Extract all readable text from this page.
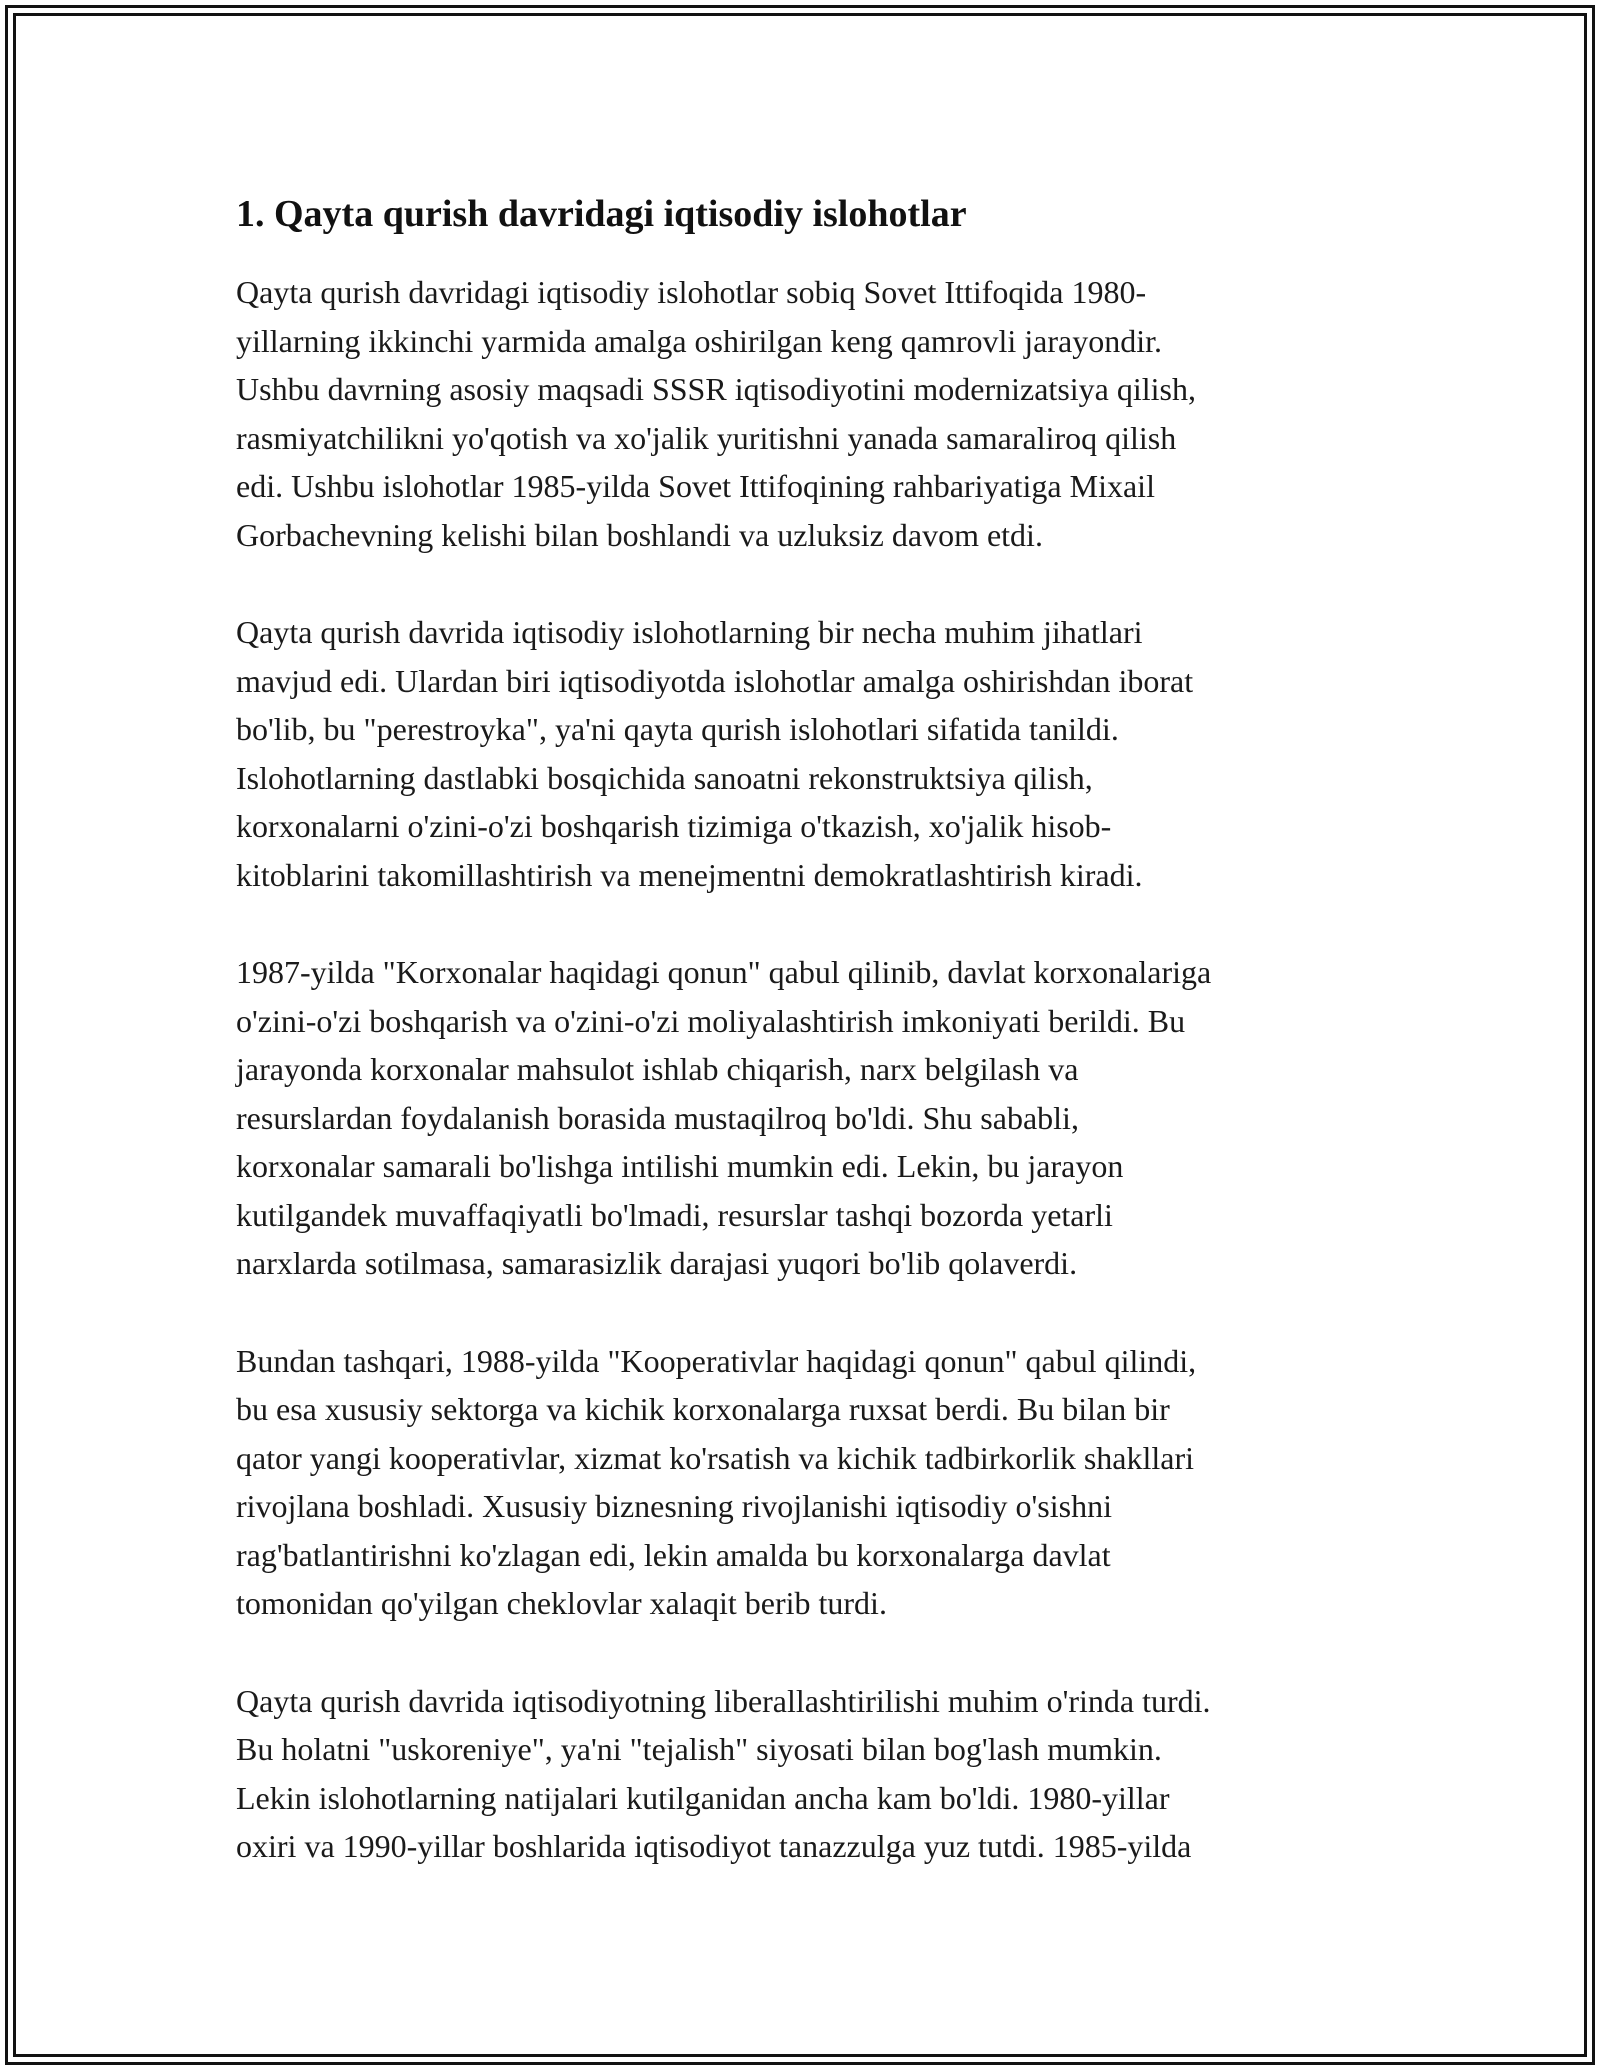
1. Qayta qurish davridagi iqtisodiy islohotlar

Qayta qurish davridagi iqtisodiy islohotlar sobiq Sovet Ittifoqida 1980-
yillarning ikkinchi yarmida amalga oshirilgan keng qamrovli jarayondir.
Ushbu davrning asosiy maqsadi SSSR iqtisodiyotini modernizatsiya qilish,
rasmiyatchilikni yo'qotish va xo'jalik yuritishni yanada samaraliroq qilish
edi. Ushbu islohotlar 1985-yilda Sovet Ittifoqining rahbariyatiga Mixail
Gorbachevning kelishi bilan boshlandi va uzluksiz davom etdi.

Qayta qurish davrida iqtisodiy islohotlarning bir necha muhim jihatlari
mavjud edi. Ulardan biri iqtisodiyotda islohotlar amalga oshirishdan iborat
bo'lib, bu "perestroyka", ya'ni qayta qurish islohotlari sifatida tanildi.
Islohotlarning dastlabki bosqichida sanoatni rekonstruktsiya qilish,
korxonalarni o'zini-o'zi boshqarish tizimiga o'tkazish, xo'jalik hisob-
kitoblarini takomillashtirish va menejmentni demokratlashtirish kiradi.

1987-yilda "Korxonalar haqidagi qonun" qabul qilinib, davlat korxonalariga
o'zini-o'zi boshqarish va o'zini-o'zi moliyalashtirish imkoniyati berildi. Bu
jarayonda korxonalar mahsulot ishlab chiqarish, narx belgilash va
resurslardan foydalanish borasida mustaqilroq bo'ldi. Shu sababli,
korxonalar samarali bo'lishga intilishi mumkin edi. Lekin, bu jarayon
kutilgandek muvaffaqiyatli bo'lmadi, resurslar tashqi bozorda yetarli
narxlarda sotilmasa, samarasizlik darajasi yuqori bo'lib qolaverdi.

Bundan tashqari, 1988-yilda "Kooperativlar haqidagi qonun" qabul qilindi,
bu esa xususiy sektorga va kichik korxonalarga ruxsat berdi. Bu bilan bir
qator yangi kooperativlar, xizmat ko'rsatish va kichik tadbirkorlik shakllari
rivojlana boshladi. Xususiy biznesning rivojlanishi iqtisodiy o'sishni
rag'batlantirishni ko'zlagan edi, lekin amalda bu korxonalarga davlat
tomonidan qo'yilgan cheklovlar xalaqit berib turdi.

Qayta qurish davrida iqtisodiyotning liberallashtirilishi muhim o'rinda turdi.
Bu holatni "uskoreniye", ya'ni "tejalish" siyosati bilan bog'lash mumkin.
Lekin islohotlarning natijalari kutilganidan ancha kam bo'ldi. 1980-yillar
oxiri va 1990-yillar boshlarida iqtisodiyot tanazzulga yuz tutdi. 1985-yilda
